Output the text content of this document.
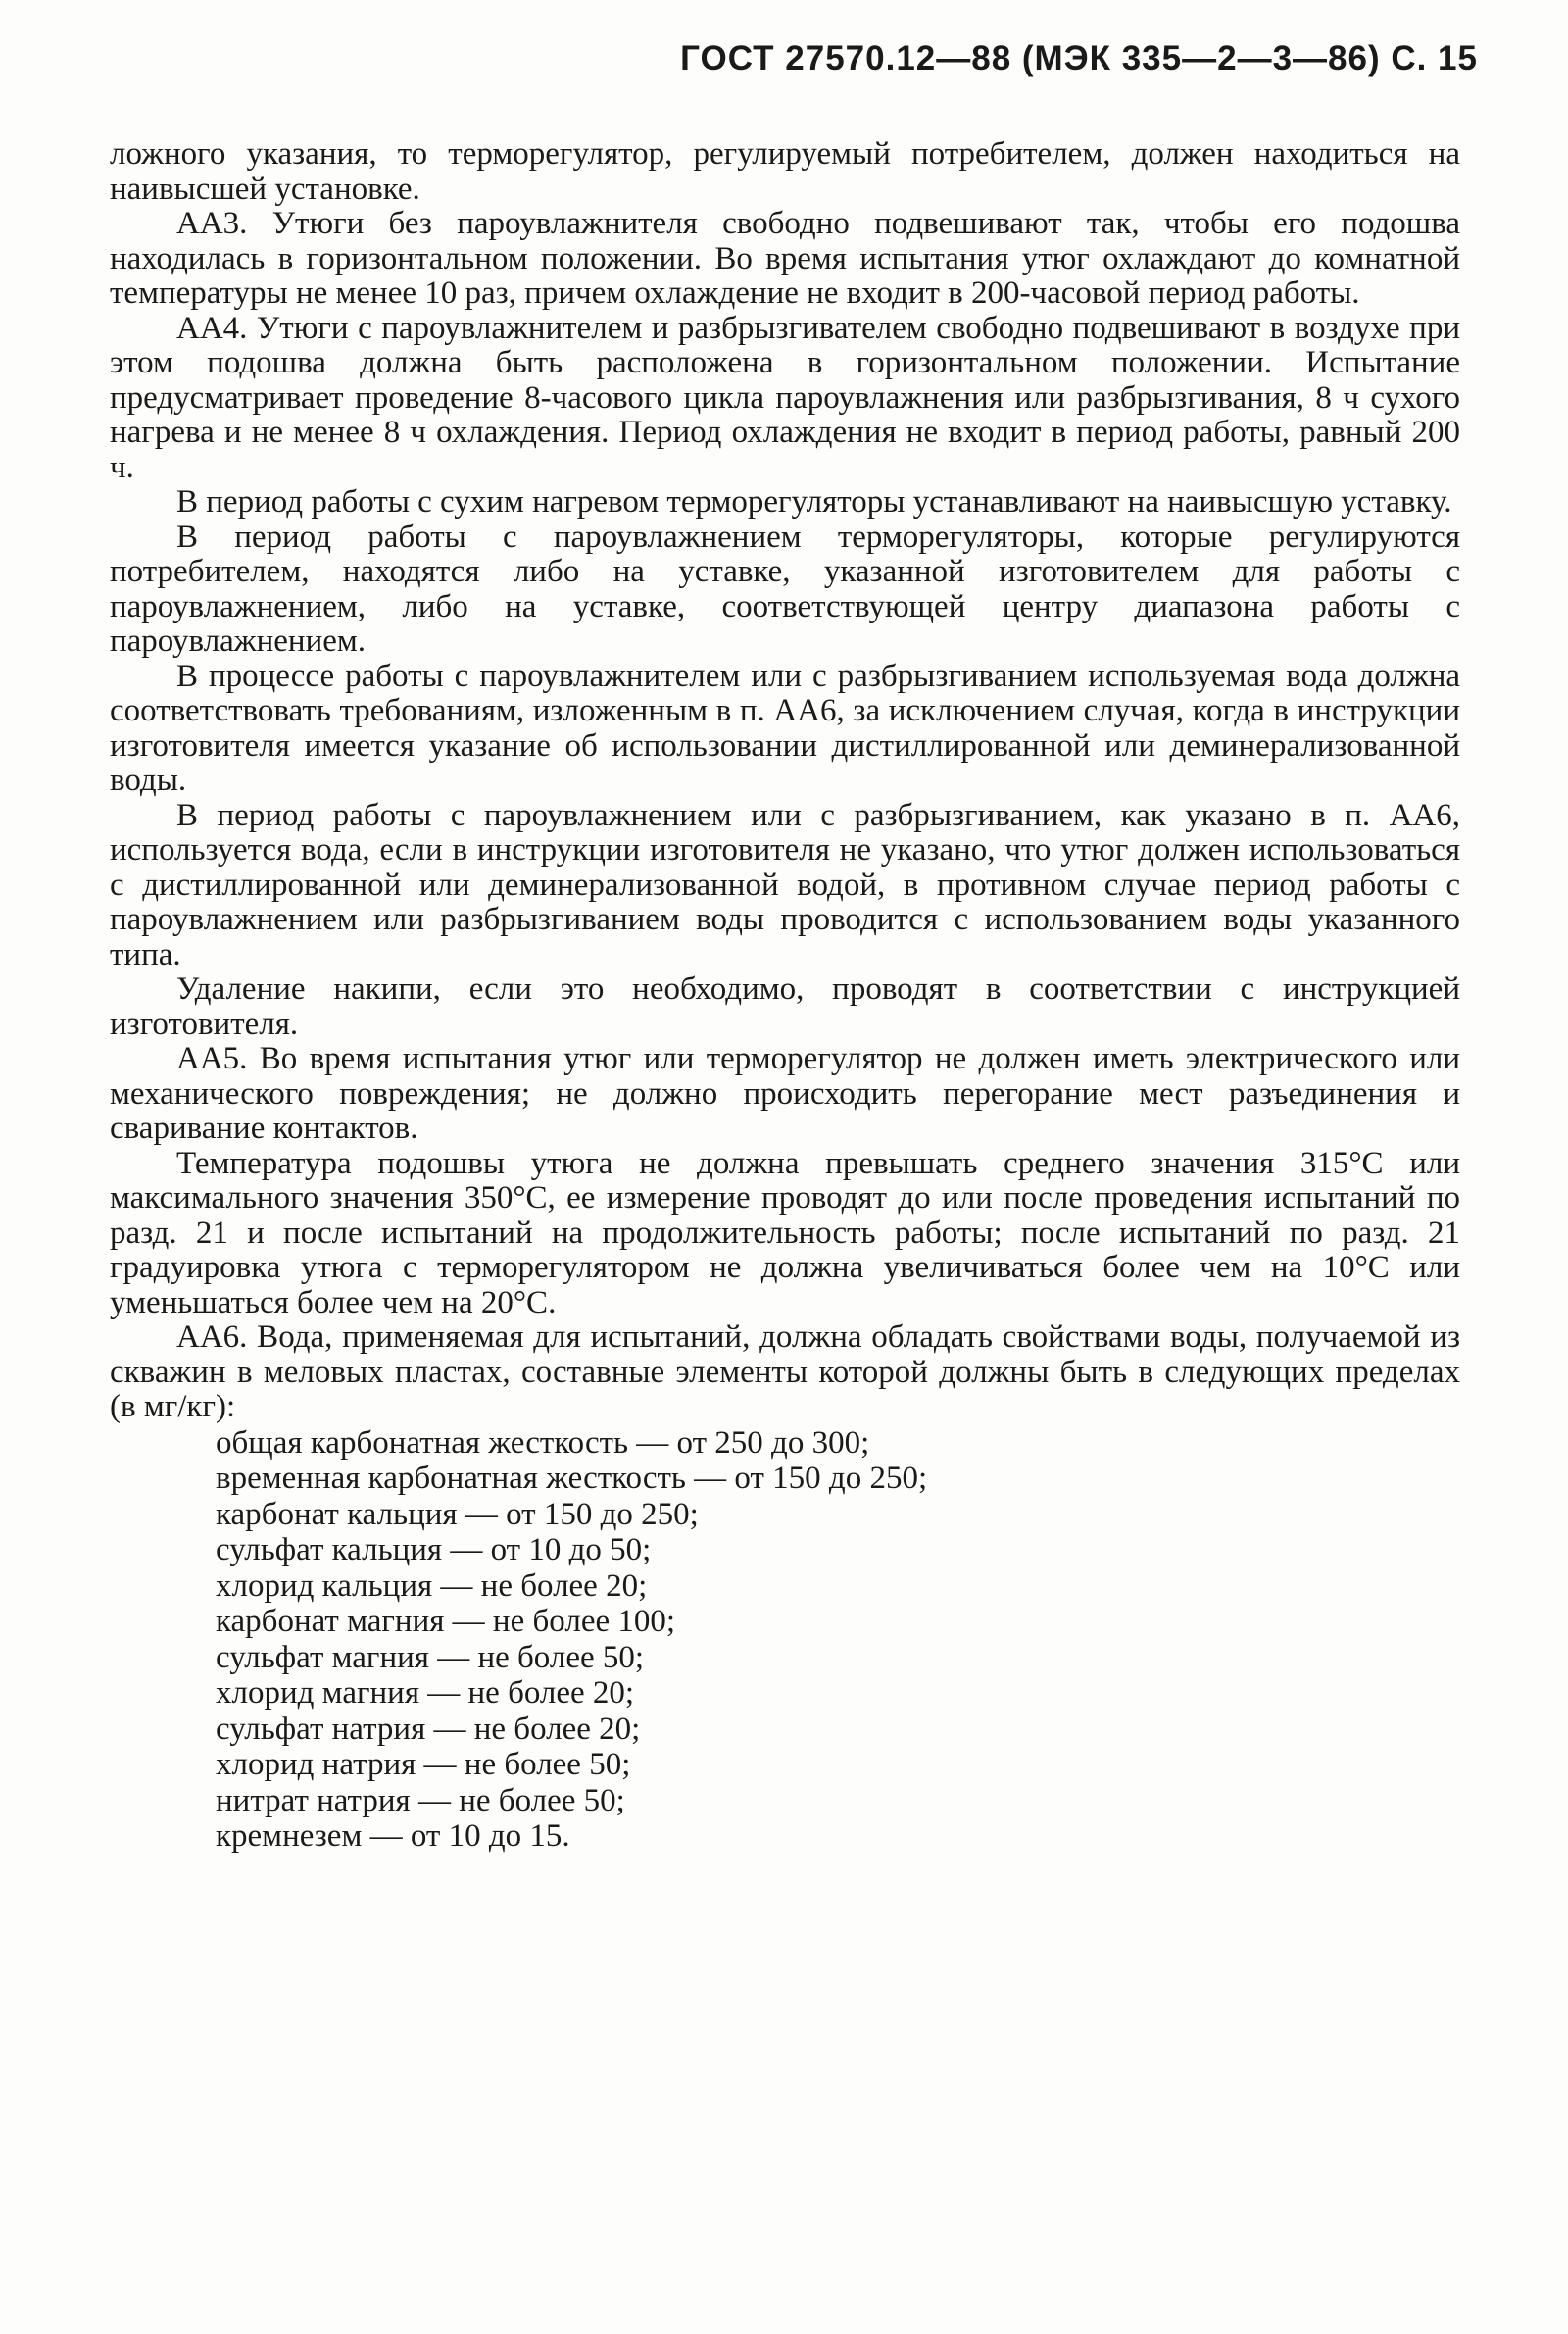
ГОСТ 27570.12—88 (МЭК 335—2—3—86) С. 15

ложного указания, то терморегулятор, регулируемый потребителем, должен находиться на наивысшей установке.

АА3. Утюги без пароувлажнителя свободно подвешивают так, чтобы его подошва находилась в горизонтальном положении. Во время испытания утюг охлаждают до комнатной температуры не менее 10 раз, причем охлаждение не входит в 200-часовой период работы.

АА4. Утюги с пароувлажнителем и разбрызгивателем свободно подвешивают в воздухе при этом подошва должна быть расположена в горизонтальном положении. Испытание предусматривает проведение 8-часового цикла пароувлажнения или разбрызгивания, 8 ч сухого нагрева и не менее 8 ч охлаждения. Период охлаждения не входит в период работы, равный 200 ч.

В период работы с сухим нагревом терморегуляторы устанавливают на наивысшую уставку.

В период работы с пароувлажнением терморегуляторы, которые регулируются потребителем, находятся либо на уставке, указанной изготовителем для работы с пароувлажнением, либо на уставке, соответствующей центру диапазона работы с пароувлажнением.

В процессе работы с пароувлажнителем или с разбрызгиванием используемая вода должна соответствовать требованиям, изложенным в п. АА6, за исключением случая, когда в инструкции изготовителя имеется указание об использовании дистиллированной или деминерализованной воды.

В период работы с пароувлажнением или с разбрызгиванием, как указано в п. АА6, используется вода, если в инструкции изготовителя не указано, что утюг должен использоваться с дистиллированной или деминерализованной водой, в противном случае период работы с пароувлажнением или разбрызгиванием воды проводится с использованием воды указанного типа.

Удаление накипи, если это необходимо, проводят в соответствии с инструкцией изготовителя.

АА5. Во время испытания утюг или терморегулятор не должен иметь электрического или механического повреждения; не должно происходить перегорание мест разъединения и сваривание контактов.

Температура подошвы утюга не должна превышать среднего значения 315°С или максимального значения 350°С, ее измерение проводят до или после проведения испытаний по разд. 21 и после испытаний на продолжительность работы; после испытаний по разд. 21 градуировка утюга с терморегулятором не должна увеличиваться более чем на 10°С или уменьшаться более чем на 20°С.

АА6. Вода, применяемая для испытаний, должна обладать свойствами воды, получаемой из скважин в меловых пластах, составные элементы которой должны быть в следующих пределах (в мг/кг):

общая карбонатная жесткость — от 250 до 300;
временная карбонатная жесткость — от 150 до 250;
карбонат кальция — от 150 до 250;
сульфат кальция — от 10 до 50;
хлорид кальция — не более 20;
карбонат магния — не более 100;
сульфат магния — не более 50;
хлорид магния — не более 20;
сульфат натрия — не более 20;
хлорид натрия — не более 50;
нитрат натрия — не более 50;
кремнезем — от 10 до 15.
